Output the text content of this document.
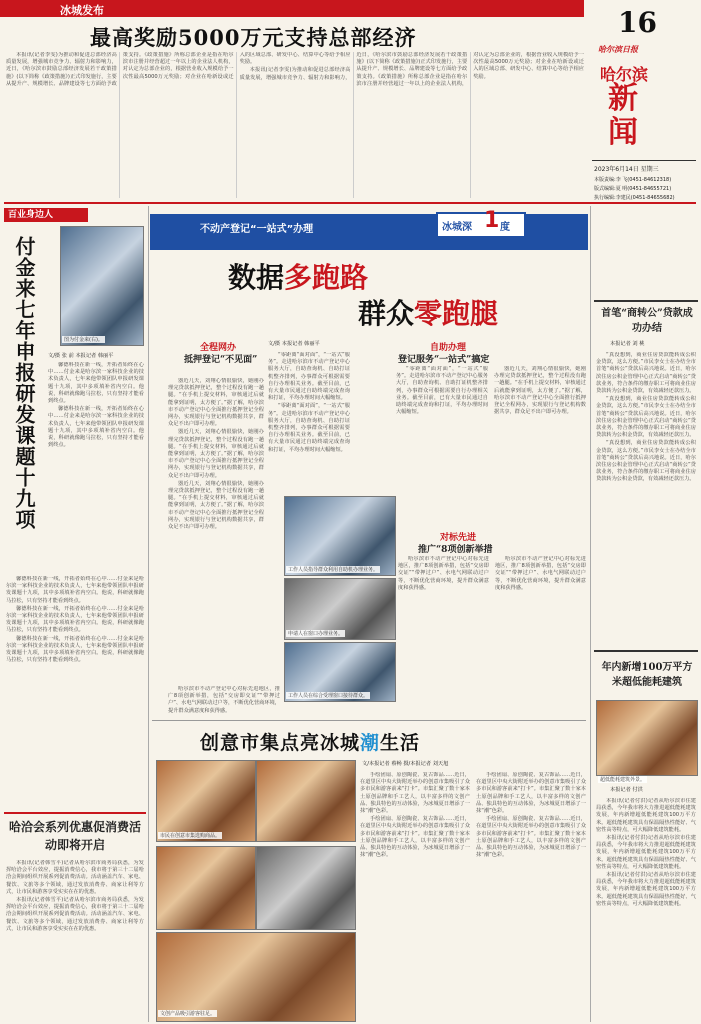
冰城发布
最高奖励5000万元支持总部经济

本报讯(记者李雯)为推动和促进总部经济高质量发展，增强城市竞争力、辐射力和影响力，近日，《哈尔滨市鼓励总部经济发展若干政策措施》(以下简称《政策措施》)正式印发施行，主要从提升产、规模增长、品牌建设等七方面给予政策支持。《政策措施》所称总部企业是指在哈尔滨市注册并经营超过一年以上的企业法人机构，对认定为总部企业的，根据营业收入规模给予一次性最高5000万元奖励；对企业在哈新设或迁入的区域总部、研发中心、结算中心等给予相应奖励。

本报讯(记者李雯)为推动和促进总部经济高质量发展，增强城市竞争力、辐射力和影响力，近日，《哈尔滨市鼓励总部经济发展若干政策措施》(以下简称《政策措施》)正式印发施行，主要从提升产、规模增长、品牌建设等七方面给予政策支持。《政策措施》所称总部企业是指在哈尔滨市注册并经营超过一年以上的企业法人机构，对认定为总部企业的，根据营业收入规模给予一次性最高5000万元奖励；对企业在哈新设或迁入的区域总部、研发中心、结算中心等给予相应奖励。

16
哈尔滨日报
哈尔滨
新闻
2023年6月14日 星期三
本版责编:李 飞(0451-84612318)
版式编辑:夏 明(0451-84655721)
执行编辑:李建民(0451-84655682)
百业身边人
付金来七年申报研发课题十九项	图为付金来(右)。
文/摄 张 前 本报记者 韩丽平

馨德科技在新一线，开拓者始终在心中……付金来是哈尔滨一家科技企业的技术负责人，七年来他带领团队申报研发课题十九项，其中多项填补省内空白。他说，科研就像跑马拉松，只有坚持才能看到终点。

馨德科技在新一线，开拓者始终在心中……付金来是哈尔滨一家科技企业的技术负责人，七年来他带领团队申报研发课题十九项，其中多项填补省内空白。他说，科研就像跑马拉松，只有坚持才能看到终点。

馨德科技在新一线，开拓者始终在心中……付金来是哈尔滨一家科技企业的技术负责人，七年来他带领团队申报研发课题十九项，其中多项填补省内空白。他说，科研就像跑马拉松，只有坚持才能看到终点。

馨德科技在新一线，开拓者始终在心中……付金来是哈尔滨一家科技企业的技术负责人，七年来他带领团队申报研发课题十九项，其中多项填补省内空白。他说，科研就像跑马拉松，只有坚持才能看到终点。

馨德科技在新一线，开拓者始终在心中……付金来是哈尔滨一家科技企业的技术负责人，七年来他带领团队申报研发课题十九项，其中多项填补省内空白。他说，科研就像跑马拉松，只有坚持才能看到终点。

哈洽会系列优惠促消费活动即将开启

本报讯(记者韩雪平)记者从哈尔滨市商务局获悉，为发挥哈洽会平台效应，提振消费信心，我市将于第三十二届哈洽会期间组织开展系列促消费活动。活动涵盖汽车、家电、餐饮、文旅等多个领域，通过发放消费券、商家让利等方式，让市民和游客享受实实在在的优惠。

本报讯(记者韩雪平)记者从哈尔滨市商务局获悉，为发挥哈洽会平台效应，提振消费信心，我市将于第三十二届哈洽会期间组织开展系列促消费活动。活动涵盖汽车、家电、餐饮、文旅等多个领域，通过发放消费券、商家让利等方式，让市民和游客享受实实在在的优惠。

不动产登记“一站式”办理	冰城深 1 度
数据多跑路
群众零跑腿
全程网办
抵押登记“不见面”
文/摄 本报记者 韩丽平

器近几天，刘翔心情很愉快，她刚办理完贷款抵押登记，整个过程没有跑一趟腿。“在手机上提交材料，审核通过后就能拿到证明，太方便了。”据了解，哈尔滨市不动产登记中心全面推行抵押登记全程网办，实现银行与登记机构数据共享，群众足不出户即可办理。

器近几天，刘翔心情很愉快，她刚办理完贷款抵押登记，整个过程没有跑一趟腿。“在手机上提交材料，审核通过后就能拿到证明，太方便了。”据了解，哈尔滨市不动产登记中心全面推行抵押登记全程网办，实现银行与登记机构数据共享，群众足不出户即可办理。

器近几天，刘翔心情很愉快，她刚办理完贷款抵押登记，整个过程没有跑一趟腿。“在手机上提交材料，审核通过后就能拿到证明，太方便了。”据了解，哈尔滨市不动产登记中心全面推行抵押登记全程网办，实现银行与登记机构数据共享，群众足不出户即可办理。

“零距离“面对面”，“一站式”服务”。走进哈尔滨市不动产登记中心服务大厅，自助查询机、自助打证机整齐排列，办事群众可根据需要自行办理相关业务。截至目前，已有大量市民通过自助终端完成查询和打证，平均办理时间大幅缩短。

“零距离“面对面”，“一站式”服务”。走进哈尔滨市不动产登记中心服务大厅，自助查询机、自助打证机整齐排列，办事群众可根据需要自行办理相关业务。截至目前，已有大量市民通过自助终端完成查询和打证，平均办理时间大幅缩短。

自助办理
登记服务“一站式”搞定

“零距离“面对面”，“一站式”服务”。走进哈尔滨市不动产登记中心服务大厅，自助查询机、自助打证机整齐排列，办事群众可根据需要自行办理相关业务。截至目前，已有大量市民通过自助终端完成查询和打证，平均办理时间大幅缩短。

器近几天，刘翔心情很愉快，她刚办理完贷款抵押登记，整个过程没有跑一趟腿。“在手机上提交材料，审核通过后就能拿到证明，太方便了。”据了解，哈尔滨市不动产登记中心全面推行抵押登记全程网办，实现银行与登记机构数据共享，群众足不出户即可办理。

工作人员指导群众利用自助机办理业务。
申请人在窗口办理业务。
工作人员在综合受理窗口接待群众。
对标先进
推广“8项创新举措

哈尔滨市不动产登记中心对标先进地区，推广8项创新举措，包括“交房即交证”“带押过户”、水电气网联动过户等，不断优化营商环境，提升群众满意度和获得感。

哈尔滨市不动产登记中心对标先进地区，推广8项创新举措，包括“交房即交证”“带押过户”、水电气网联动过户等，不断优化营商环境，提升群众满意度和获得感。

哈尔滨市不动产登记中心对标先进地区，推广8项创新举措，包括“交房即交证”“带押过户”、水电气网联动过户等，不断优化营商环境，提升群众满意度和获得感。

创意市集点亮冰城潮生活
市民在创意市集选购商品。
文创产品吸引游客驻足。
文/本报记者 蔡畅 摄/本报记者 刘天旭

手绘团扇、原创陶瓷、复古饰品……近日，在道里区中央大街附近举办的创意市集吸引了众多市民和游客前来“打卡”。市集汇聚了数十家本土原创品牌和手工艺人，以丰富多样的文创产品、独具特色的互动体验，为冰城夏日增添了一抹“潮”色彩。

手绘团扇、原创陶瓷、复古饰品……近日，在道里区中央大街附近举办的创意市集吸引了众多市民和游客前来“打卡”。市集汇聚了数十家本土原创品牌和手工艺人，以丰富多样的文创产品、独具特色的互动体验，为冰城夏日增添了一抹“潮”色彩。

手绘团扇、原创陶瓷、复古饰品……近日，在道里区中央大街附近举办的创意市集吸引了众多市民和游客前来“打卡”。市集汇聚了数十家本土原创品牌和手工艺人，以丰富多样的文创产品、独具特色的互动体验，为冰城夏日增添了一抹“潮”色彩。

手绘团扇、原创陶瓷、复古饰品……近日，在道里区中央大街附近举办的创意市集吸引了众多市民和游客前来“打卡”。市集汇聚了数十家本土原创品牌和手工艺人，以丰富多样的文创产品、独具特色的互动体验，为冰城夏日增添了一抹“潮”色彩。

首笔“商转公”贷款成功办结
本报记者 刘 桃

“真没想到，商业住房贷款能转成公积金贷款，这么方便。”市民李女士在办结全市首笔“商转公”贷款后高兴地说。近日，哈尔滨住房公积金管理中心正式启动“商转公”贷款业务，符合条件的缴存职工可将商业住房贷款转为公积金贷款，有效减轻还款压力。

“真没想到，商业住房贷款能转成公积金贷款，这么方便。”市民李女士在办结全市首笔“商转公”贷款后高兴地说。近日，哈尔滨住房公积金管理中心正式启动“商转公”贷款业务，符合条件的缴存职工可将商业住房贷款转为公积金贷款，有效减轻还款压力。

“真没想到，商业住房贷款能转成公积金贷款，这么方便。”市民李女士在办结全市首笔“商转公”贷款后高兴地说。近日，哈尔滨住房公积金管理中心正式启动“商转公”贷款业务，符合条件的缴存职工可将商业住房贷款转为公积金贷款，有效减轻还款压力。

年内新增100万平方米超低能耗建筑
超低能耗建筑外景。
本报记者 付洪

本报讯(记者付洪)记者从哈尔滨市住建局获悉，今年我市将大力推进超低能耗建筑发展，年内新增超低能耗建筑100万平方米。超低能耗建筑具有保温隔热性能好、气密性高等特点，可大幅降低建筑能耗。

本报讯(记者付洪)记者从哈尔滨市住建局获悉，今年我市将大力推进超低能耗建筑发展，年内新增超低能耗建筑100万平方米。超低能耗建筑具有保温隔热性能好、气密性高等特点，可大幅降低建筑能耗。

本报讯(记者付洪)记者从哈尔滨市住建局获悉，今年我市将大力推进超低能耗建筑发展，年内新增超低能耗建筑100万平方米。超低能耗建筑具有保温隔热性能好、气密性高等特点，可大幅降低建筑能耗。
